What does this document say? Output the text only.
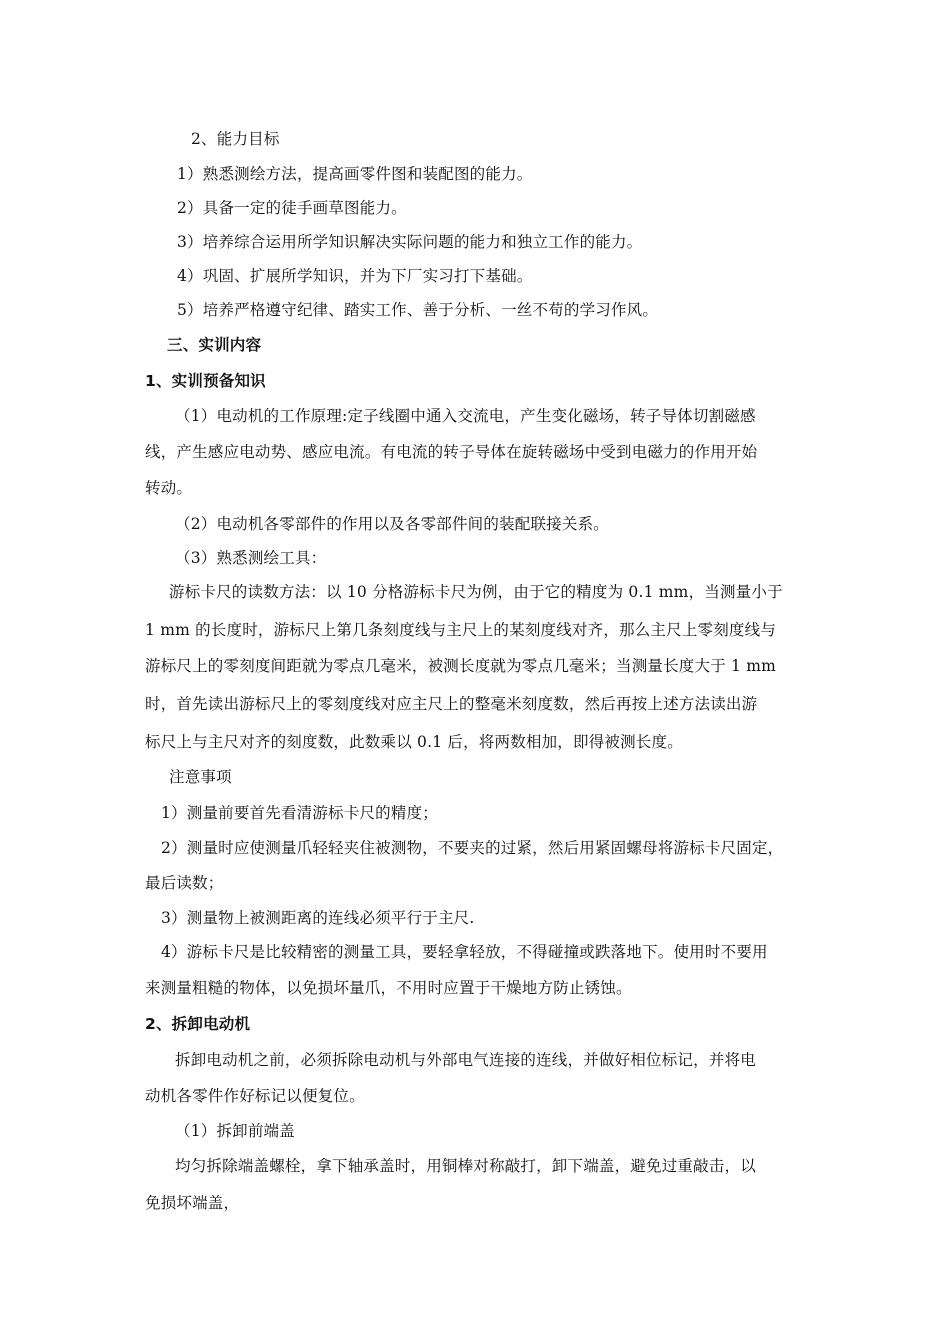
2、能力目标
1）熟悉测绘方法，提高画零件图和装配图的能力。
2）具备一定的徒手画草图能力。
3）培养综合运用所学知识解决实际问题的能力和独立工作的能力。
4）巩固、扩展所学知识，并为下厂实习打下基础。
5）培养严格遵守纪律、踏实工作、善于分析、一丝不苟的学习作风。
三、实训内容
1、实训预备知识
（1）电动机的工作原理:定子线圈中通入交流电，产生变化磁场，转子导体切割磁感
线，产生感应电动势、感应电流。有电流的转子导体在旋转磁场中受到电磁力的作用开始
转动。
（2）电动机各零部件的作用以及各零部件间的装配联接关系。
（3）熟悉测绘工具：
游标卡尺的读数方法：以 10 分格游标卡尺为例，由于它的精度为 0.1 mm，当测量小于
1 mm 的长度时，游标尺上第几条刻度线与主尺上的某刻度线对齐，那么主尺上零刻度线与
游标尺上的零刻度间距就为零点几毫米，被测长度就为零点几毫米；当测量长度大于 1 mm
时，首先读出游标尺上的零刻度线对应主尺上的整毫米刻度数，然后再按上述方法读出游
标尺上与主尺对齐的刻度数，此数乘以 0.1 后，将两数相加，即得被测长度。
注意事项
1）测量前要首先看清游标卡尺的精度；
2）测量时应使测量爪轻轻夹住被测物，不要夹的过紧，然后用紧固螺母将游标卡尺固定，
最后读数；
3）测量物上被测距离的连线必须平行于主尺.
4）游标卡尺是比较精密的测量工具，要轻拿轻放，不得碰撞或跌落地下。使用时不要用
来测量粗糙的物体，以免损坏量爪，不用时应置于干燥地方防止锈蚀。
2、拆卸电动机
拆卸电动机之前，必须拆除电动机与外部电气连接的连线，并做好相位标记，并将电
动机各零件作好标记以便复位。
（1）拆卸前端盖
均匀拆除端盖螺栓，拿下轴承盖时，用铜棒对称敲打，卸下端盖，避免过重敲击，以
免损坏端盖，
